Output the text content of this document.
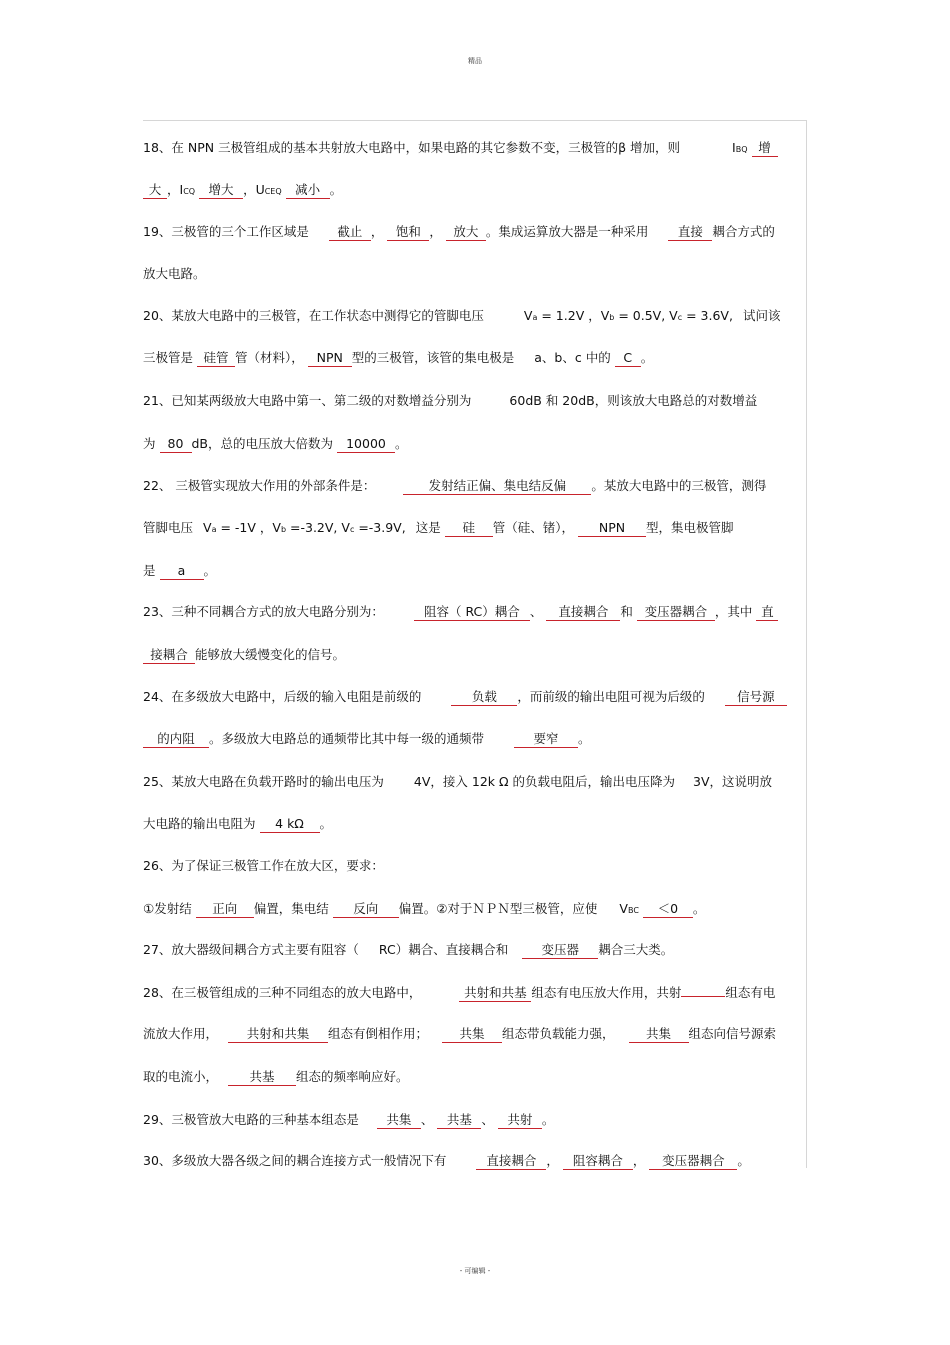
精品
18、在 NPN 三极管组成的基本共射放大电路中，如果电路的其它参数不变，三极管的β 增加，则	IBQ 增
大 ，ICQ 增大 ，UCEQ 减小 。
19、三极管的三个工作区域是 截止 ， 饱和 ， 放大 。集成运算放大器是一种采用 直接 耦合方式的
放大电路。
20、某放大电路中的三极管，在工作状态中测得它的管脚电压	Va = 1.2V ，Vb = 0.5V, Vc = 3.6V, 试问该
三极管是 硅管 管（材料）， NPN 型的三极管，该管的集电极是 a、b、c 中的 C 。
21、已知某两级放大电路中第一、第二级的对数增益分别为	60dB 和 20dB，则该放大电路总的对数增益
为 80 dB，总的电压放大倍数为 10000 。
22、 三极管实现放大作用的外部条件是：	发射结正偏、集电结反偏 。某放大电路中的三极管，测得
管脚电压 Va = -1V ，Vb =-3.2V, Vc =-3.9V, 这是 硅 管（硅、锗）， NPN 型，集电极管脚
是 a 。
23、三种不同耦合方式的放大电路分别为：	阻容（ RC）耦合 、 直接耦合 和 变压器耦合 ，其中 直
接耦合 能够放大缓慢变化的信号。
24、在多级放大电路中，后级的输入电阻是前级的	负载 ，而前级的输出电阻可视为后级的	信号源
的内阻 。多级放大电路总的通频带比其中每一级的通频带	要窄 。
25、某放大电路在负载开路时的输出电压为 4V，接入 12k Ω 的负载电阻后，输出电压降为 3V，这说明放
大电路的输出电阻为 4 kΩ 。
26、为了保证三极管工作在放大区，要求：
①发射结 正向 偏置，集电结 反向 偏置。②对于ＮＰＮ型三极管，应使 VBC ＜0 。
27、放大器级间耦合方式主要有阻容（ RC）耦合、直接耦合和	变压器 耦合三大类。
28、在三极管组成的三种不同组态的放大电路中，	共射和共基 组态有电压放大作用，共射	组态有电
流放大作用， 共射和共集 组态有倒相作用；	共集 组态带负载能力强，	共集 组态向信号源索
取的电流小，	共基 组态的频率响应好。
29、三极管放大电路的三种基本组态是 共集 、 共基 、 共射 。
30、多级放大器各级之间的耦合连接方式一般情况下有	直接耦合 ， 阻容耦合 ， 变压器耦合 。
- 可编辑 -
